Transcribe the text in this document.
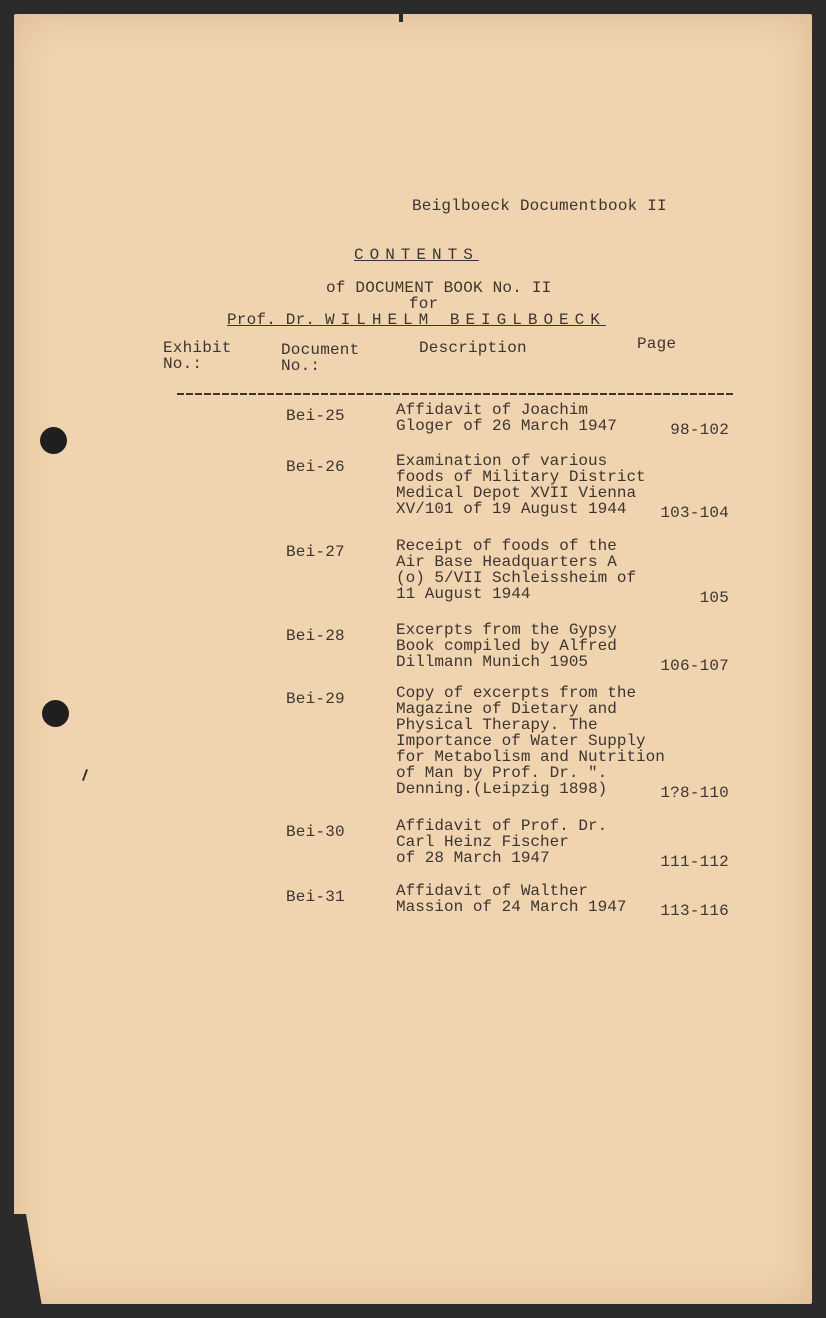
Beiglboeck Documentbook II
CONTENTS
of DOCUMENT BOOK No. II
for
Prof. Dr. WILHELM BEIGLBOECK
Exhibit
No.:
Document
No.:
Description	Page
Bei-25	Affidavit of Joachim
Gloger of 26 March 1947	98-102
Bei-26	Examination of various
foods of Military District
Medical Depot XVII Vienna
XV/101 of 19 August 1944	103-104
Bei-27	Receipt of foods of the
Air Base Headquarters A
(o) 5/VII Schleissheim of
11 August 1944	105
Bei-28	Excerpts from the Gypsy
Book compiled by Alfred
Dillmann Munich 1905	106-107
Bei-29	Copy of excerpts from the
Magazine of Dietary and
Physical Therapy. The
Importance of Water Supply
for Metabolism and Nutrition
of Man by Prof. Dr. ".
Denning.(Leipzig 1898)	1?8-110
Bei-30	Affidavit of Prof. Dr.
Carl Heinz Fischer
of 28 March 1947	111-112
Bei-31	Affidavit of Walther
Massion of 24 March 1947	113-116
